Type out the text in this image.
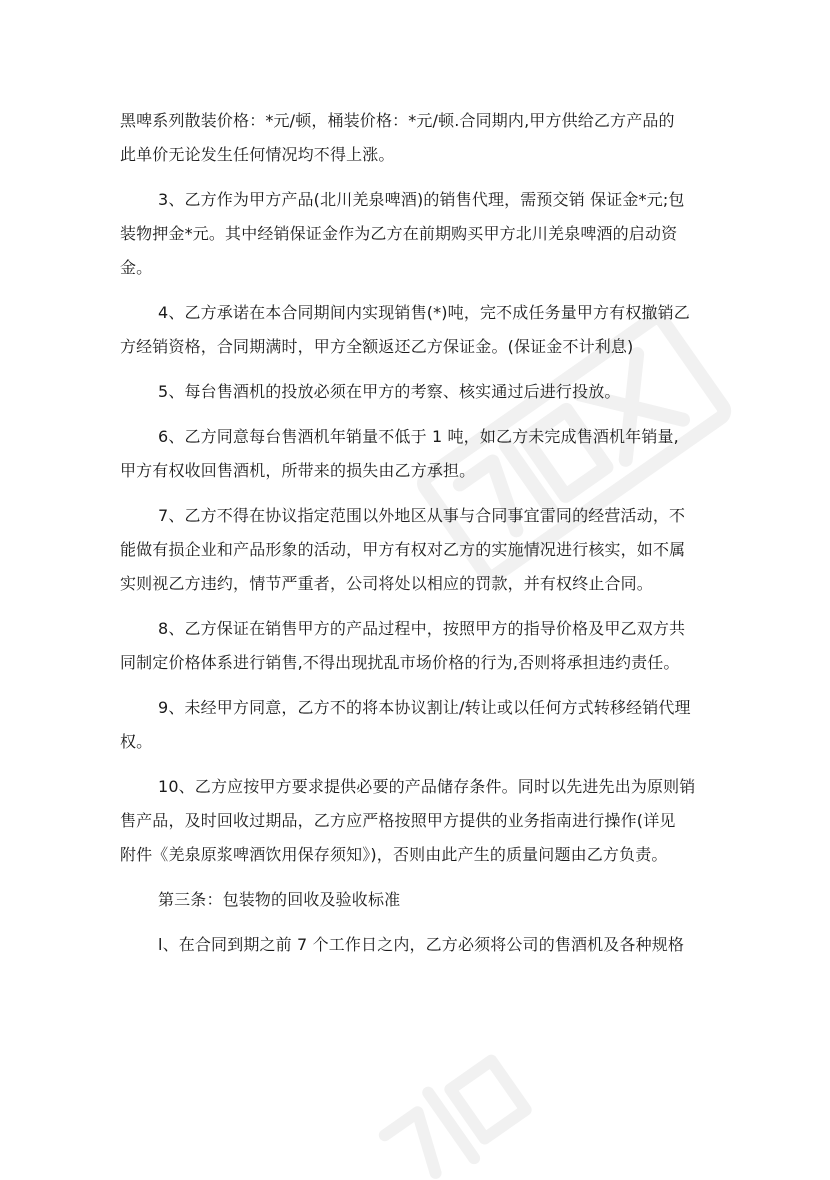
黑啤系列散装价格：*元/顿，桶装价格：*元/顿.合同期内,甲方供给乙方产品的
此单价无论发生任何情况均不得上涨。

3、乙方作为甲方产品(北川羌泉啤酒)的销售代理，需预交销 保证金*元;包
装物押金*元。其中经销保证金作为乙方在前期购买甲方北川羌泉啤酒的启动资
金。

4、乙方承诺在本合同期间内实现销售(*)吨，完不成任务量甲方有权撤销乙
方经销资格，合同期满时，甲方全额返还乙方保证金。(保证金不计利息)

5、每台售酒机的投放必须在甲方的考察、核实通过后进行投放。

6、乙方同意每台售酒机年销量不低于 1 吨，如乙方未完成售酒机年销量,
甲方有权收回售酒机，所带来的损失由乙方承担。

7、乙方不得在协议指定范围以外地区从事与合同事宜雷同的经营活动，不
能做有损企业和产品形象的活动，甲方有权对乙方的实施情况进行核实，如不属
实则视乙方违约，情节严重者，公司将处以相应的罚款，并有权终止合同。

8、乙方保证在销售甲方的产品过程中，按照甲方的指导价格及甲乙双方共
同制定价格体系进行销售,不得出现扰乱市场价格的行为,否则将承担违约责任。

9、未经甲方同意，乙方不的将本协议割让/转让或以任何方式转移经销代理
权。

10、乙方应按甲方要求提供必要的产品储存条件。同时以先进先出为原则销
售产品，及时回收过期品，乙方应严格按照甲方提供的业务指南进行操作(详见
附件《羌泉原浆啤酒饮用保存须知》)，否则由此产生的质量问题由乙方负责。

第三条：包装物的回收及验收标准

l、在合同到期之前 7 个工作日之内，乙方必须将公司的售酒机及各种规格
